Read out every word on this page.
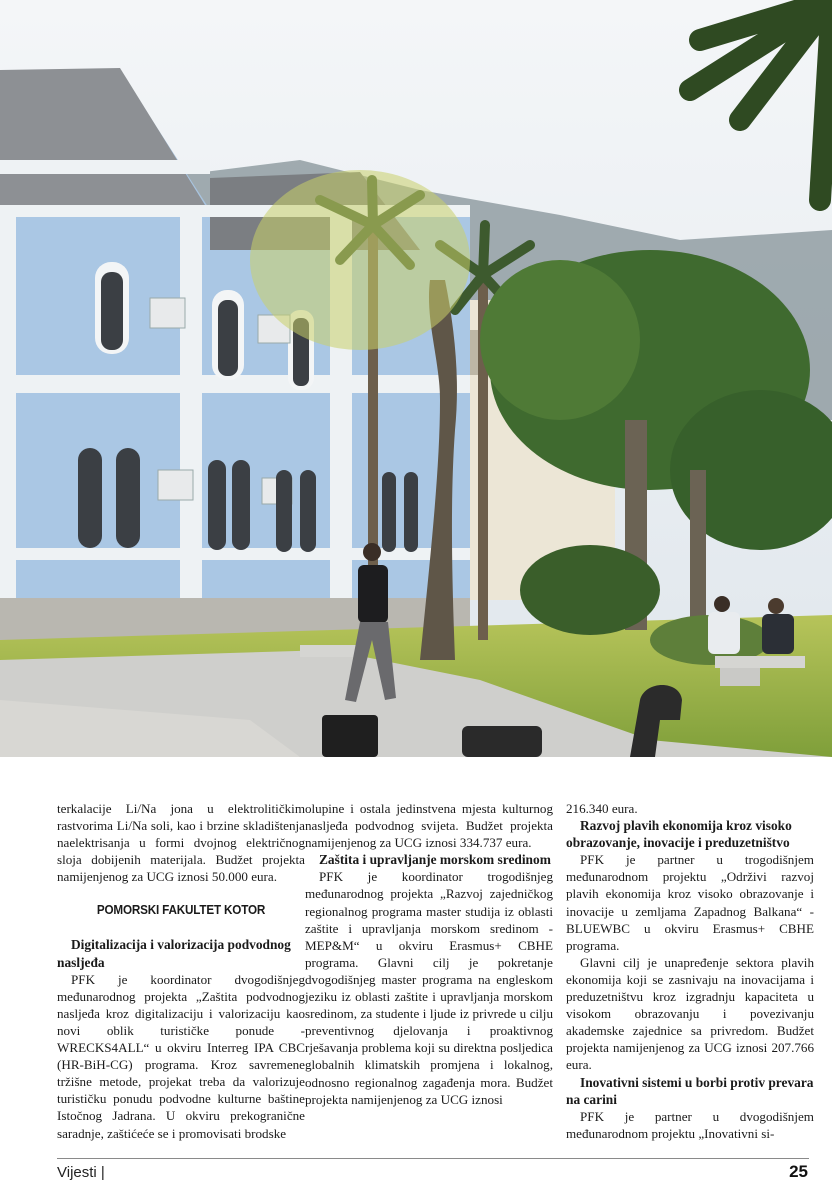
terkalacije Li/Na jona u elektrolitičkim rastvorima Li/Na soli, kao i brzine skladištenja naelektrisanja u formi dvojnog električnog sloja dobijenih materijala. Budžet projekta namijenjenog za UCG iznosi 50.000 eura.

POMORSKI FAKULTET KOTOR
Digitalizacija i valorizacija podvodnog naslјeđa

PFK je koordinator dvogodišnjeg međunarodnog projekta „Zaštita podvodnog naslјeđa kroz digitalizaciju i valorizaciju kao novi oblik turističke ponude - WRECKS4ALL“ u okviru Interreg IPA CBC (HR-BiH-CG) programa. Kroz savremene tržišne metode, projekat treba da valorizuje turističku ponudu podvodne kulturne baštine Istočnog Jadrana. U okviru prekogranične saradnje, zaštićeće se i promovisati brodske

olupine i ostala jedinstvena mjesta kulturnog naslјeđa podvodnog svijeta. Budžet projekta namijenjenog za UCG iznosi 334.737 eura.

Zaštita i upravljanje morskom sredinom

PFK je koordinator trogodišnjeg međunarodnog projekta „Razvoj zajedničkog regionalnog programa master studija iz oblasti zaštite i upravljanja morskom sredinom - MEP&M“ u okviru Erasmus+ CBHE programa. Glavni cilj je pokretanje dvogodišnjeg master programa na engleskom jeziku iz oblasti zaštite i upravljanja morskom sredinom, za studente i ljude iz privrede u cilju preventivnog djelovanja i proaktivnog rješavanja problema koji su direktna posljedica globalnih klimatskih promjena i lokalnog, odnosno regionalnog zagađenja mora. Budžet projekta namijenjenog za UCG iznosi

216.340 eura.

Razvoj plavih ekonomija kroz visoko obrazovanje, inovacije i preduzetništvo

PFK je partner u trogodišnjem međunarodnom projektu „Održivi razvoj plavih ekonomija kroz visoko obrazovanje i inovacije u zemljama Zapadnog Balkana“ - BLUEWBC u okviru Erasmus+ CBHE programa.

Glavni cilj je unapređenje sektora plavih ekonomija koji se zasnivaju na inovacijama i preduzetništvu kroz izgradnju kapaciteta u visokom obrazovanju i povezivanju akademske zajednice sa privredom. Budžet projekta namijenjenog za UCG iznosi 207.766 eura.

Inovativni sistemi u borbi protiv prevara na carini

PFK je partner u dvogodišnjem međunarodnom projektu „Inovativni si-

Vijesti |	25
